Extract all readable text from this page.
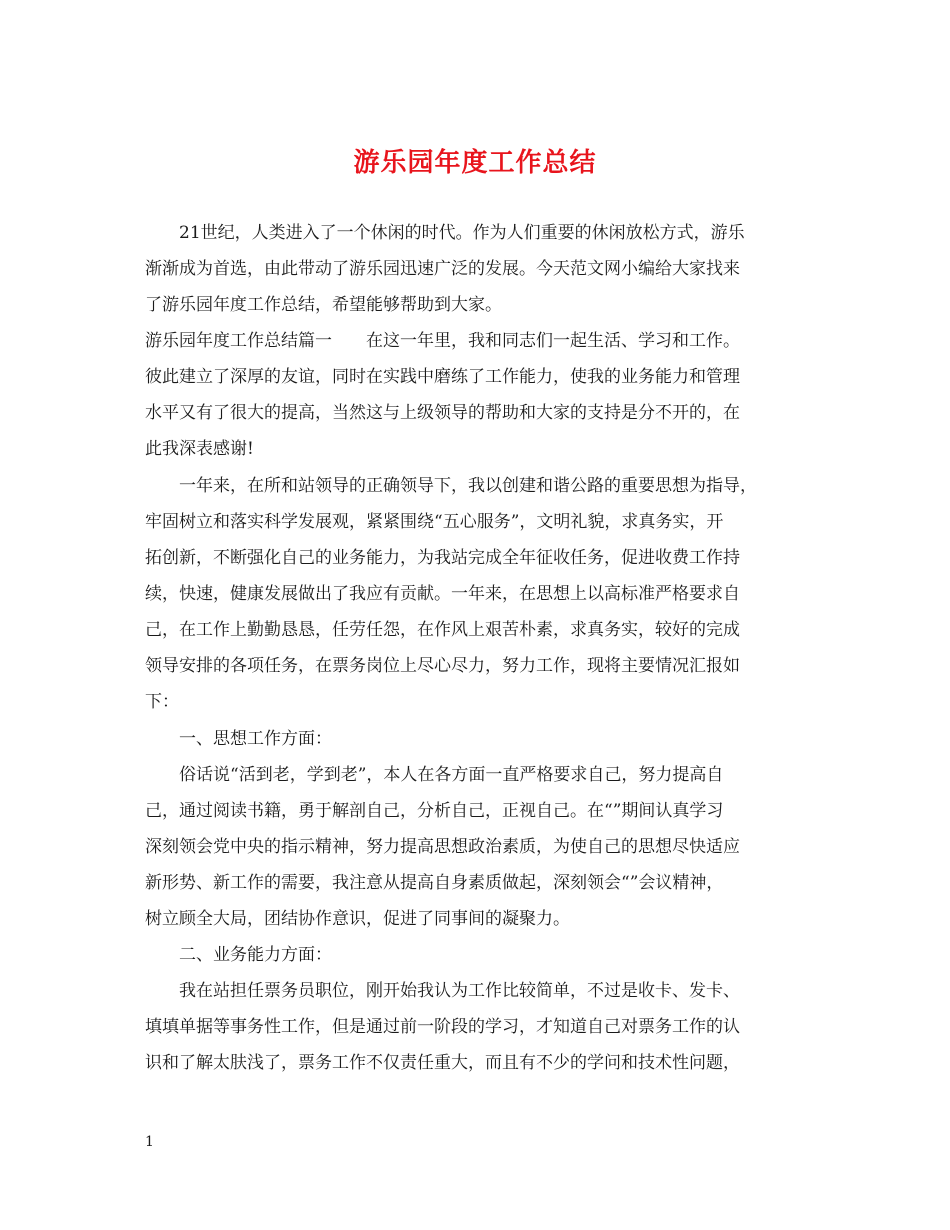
游乐园年度工作总结
21世纪，人类进入了一个休闲的时代。作为人们重要的休闲放松方式，游乐
渐渐成为首选，由此带动了游乐园迅速广泛的发展。今天范文网小编给大家找来
了游乐园年度工作总结，希望能够帮助到大家。
游乐园年度工作总结篇一　　在这一年里，我和同志们一起生活、学习和工作。
彼此建立了深厚的友谊，同时在实践中磨练了工作能力，使我的业务能力和管理
水平又有了很大的提高，当然这与上级领导的帮助和大家的支持是分不开的，在
此我深表感谢!
一年来，在所和站领导的正确领导下，我以创建和谐公路的重要思想为指导，
牢固树立和落实科学发展观，紧紧围绕“五心服务”，文明礼貌，求真务实，开
拓创新，不断强化自己的业务能力，为我站完成全年征收任务，促进收费工作持
续，快速，健康发展做出了我应有贡献。一年来，在思想上以高标准严格要求自
己，在工作上勤勤恳恳，任劳任怨，在作风上艰苦朴素，求真务实，较好的完成
领导安排的各项任务，在票务岗位上尽心尽力，努力工作，现将主要情况汇报如
下：
一、思想工作方面：
俗话说“活到老，学到老”，本人在各方面一直严格要求自己，努力提高自
己，通过阅读书籍，勇于解剖自己，分析自己，正视自己。在“”期间认真学习
深刻领会党中央的指示精神，努力提高思想政治素质，为使自己的思想尽快适应
新形势、新工作的需要，我注意从提高自身素质做起，深刻领会“”会议精神，
树立顾全大局，团结协作意识，促进了同事间的凝聚力。
二、业务能力方面：
我在站担任票务员职位，刚开始我认为工作比较简单，不过是收卡、发卡、
填填单据等事务性工作，但是通过前一阶段的学习，才知道自己对票务工作的认
识和了解太肤浅了，票务工作不仅责任重大，而且有不少的学问和技术性问题，
1
